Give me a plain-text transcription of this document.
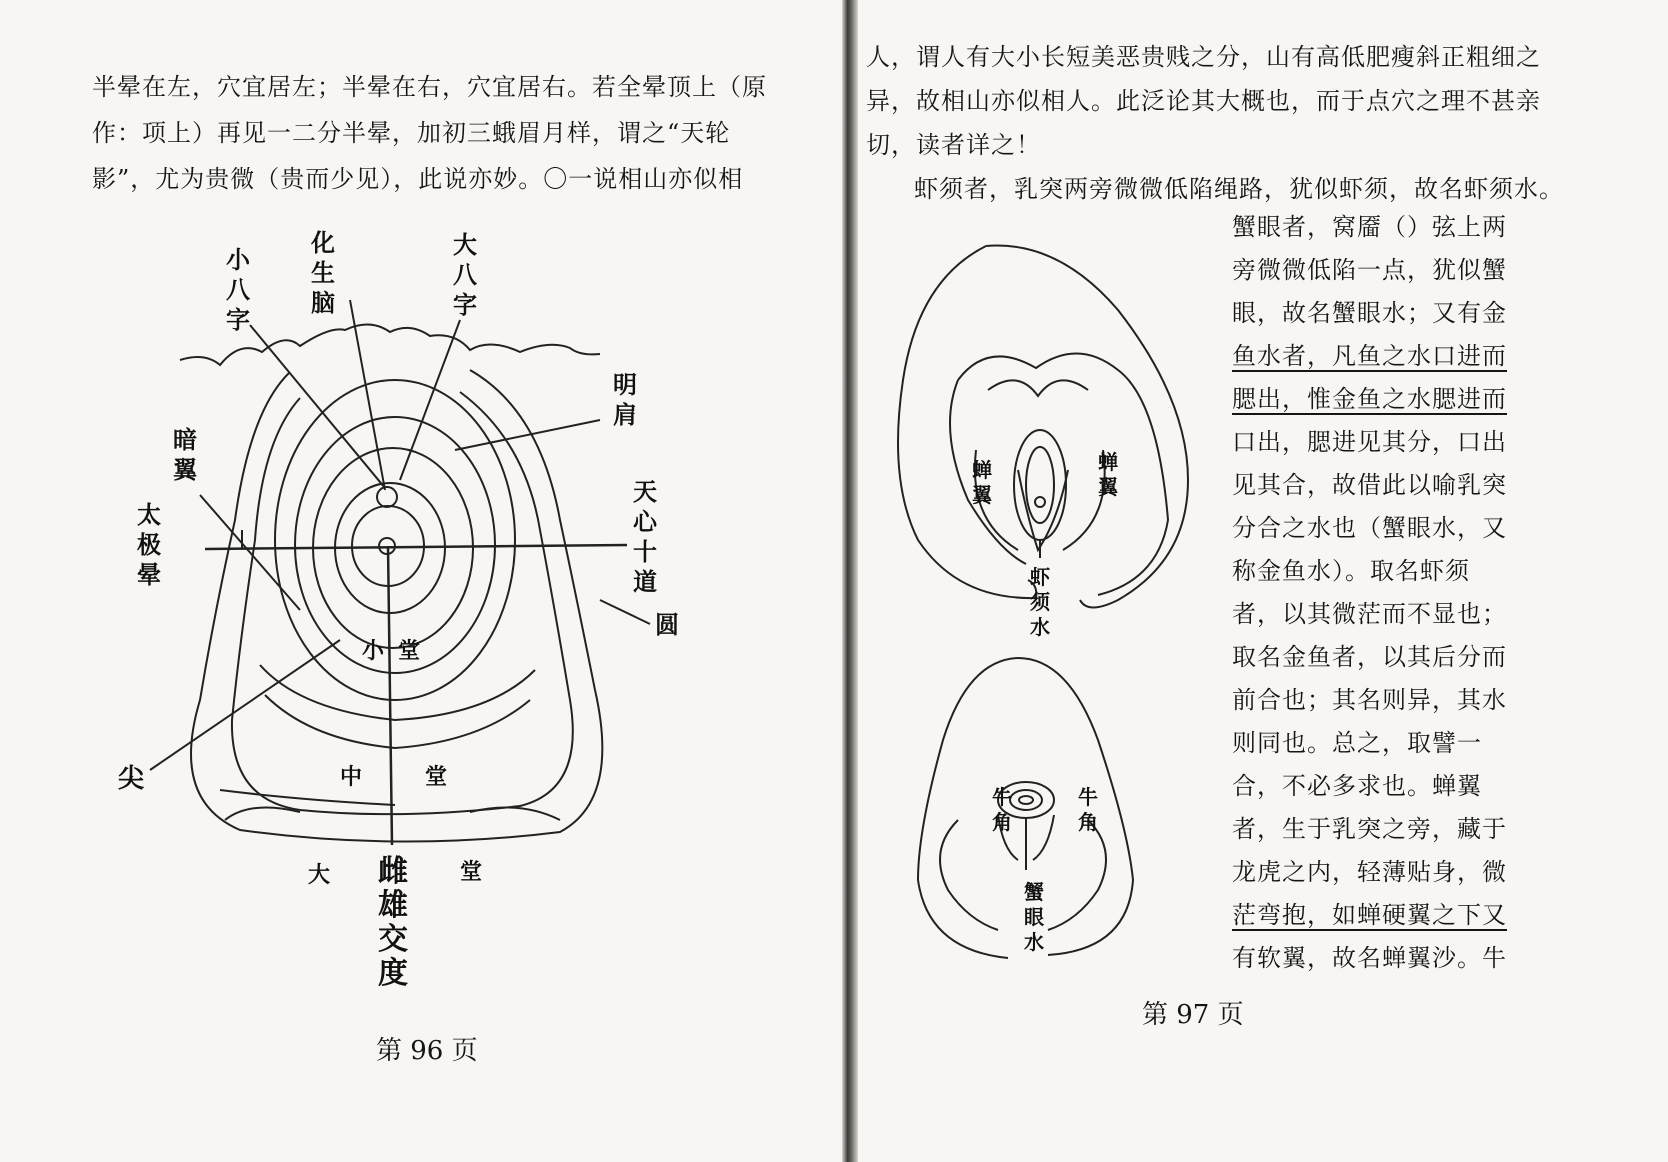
半晕在左，穴宜居左；半晕在右，穴宜居右。若全晕顶上（原
作：项上）再见一二分半晕，加初三蛾眉月样，谓之“天轮
影”，尤为贵微（贵而少见），此说亦妙。〇一说相山亦似相
小八字
化生脑
大八字
明肩
暗翼
太极晕
天心十道
圆
小 堂
中	堂
尖
大	堂
雌雄交度
第 96 页
人，谓人有大小长短美恶贵贱之分，山有高低肥瘦斜正粗细之
异，故相山亦似相人。此泛论其大概也，而于点穴之理不甚亲
切，读者详之！
虾须者，乳突两旁微微低陷绳路，犹似虾须，故名虾须水。
蟹眼者，窝靥（）弦上两
旁微微低陷一点，犹似蟹
眼，故名蟹眼水；又有金
鱼水者，凡鱼之水口进而
腮出，惟金鱼之水腮进而
口出，腮进见其分，口出
见其合，故借此以喻乳突
分合之水也（蟹眼水，又
称金鱼水）。取名虾须
者，以其微茫而不显也；
取名金鱼者，以其后分而
前合也；其名则异，其水
则同也。总之，取譬一
合，不必多求也。蝉翼
者，生于乳突之旁，藏于
龙虎之内，轻薄贴身，微
茫弯抱，如蝉硬翼之下又
有软翼，故名蝉翼沙。牛
蝉翼
蝉翼
虾须水
牛角
牛角
蟹眼水
第 97 页
